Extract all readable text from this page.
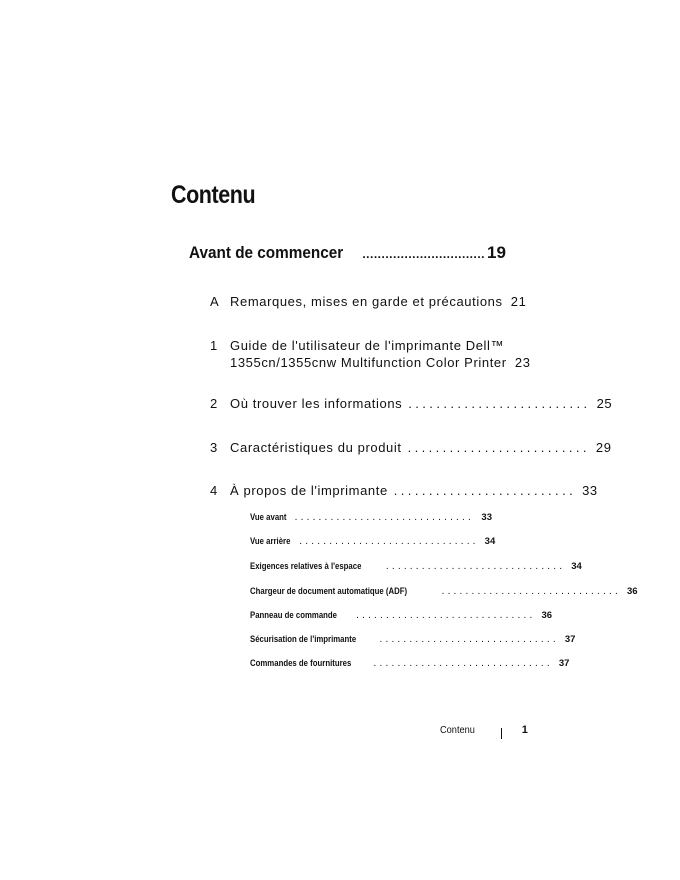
Contenu
Avant de commencer	................................ 19
A Remarques, mises en garde et précautions 21
1 Guide de l'utilisateur de l'imprimante Dell™
1355cn/1355cnw Multifunction Color Printer 23
2 Où trouver les informations .......................... 25
3 Caractéristiques du produit .......................... 29
4 À propos de l'imprimante .......................... 33
Vue avant .............................. 33
Vue arrière .............................. 34
Exigences relatives à l'espace .............................. 34
Chargeur de document automatique (ADF)	.............................. 36
Panneau de commande .............................. 36
Sécurisation de l'imprimante .............................. 37
Commandes de fournitures .............................. 37
Contenu	1
